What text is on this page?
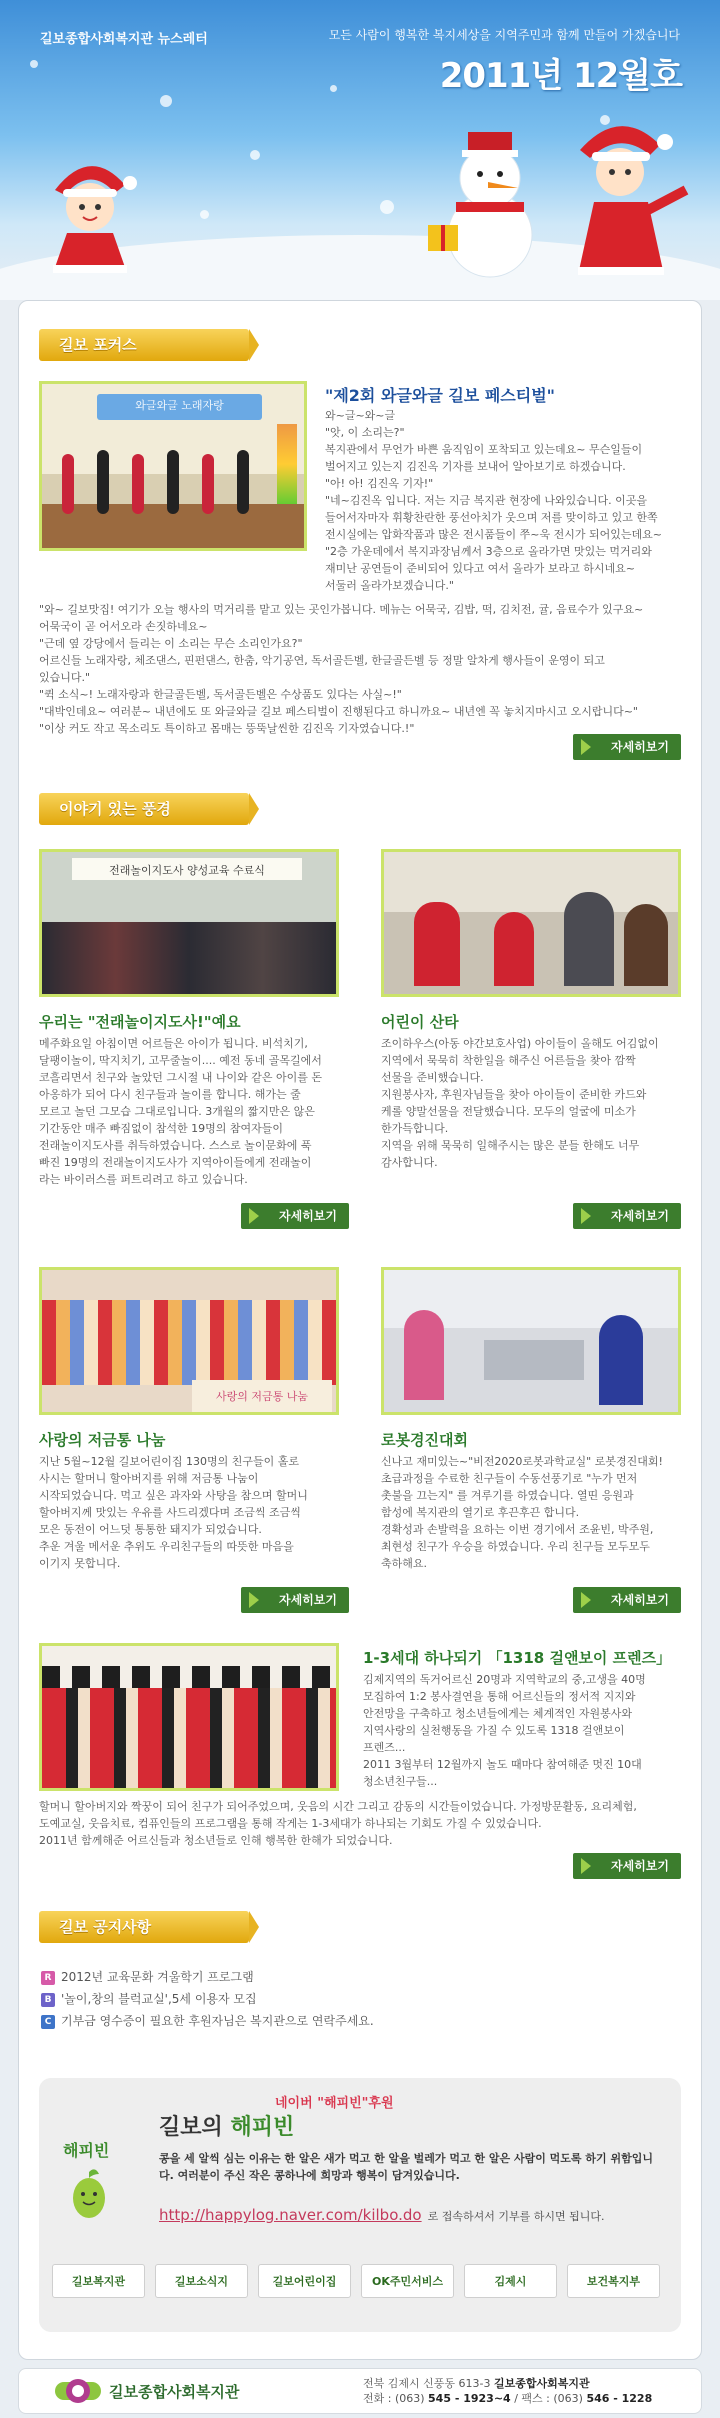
길보종합사회복지관 뉴스레터	모든 사람이 행복한 복지세상을 지역주민과 함께 만들어 가겠습니다
2011년 12월호
길보 포커스
와글와글 노래자랑
"제2회 와글와글 길보 페스티벌"
와~글~와~글
"앗, 이 소리는?"
복지관에서 무언가 바쁜 움직임이 포착되고 있는데요~ 무슨일들이
벌어지고 있는지 김진옥 기자를 보내어 알아보기로 하겠습니다.
"아! 아! 김진옥 기자!"
"네~김진옥 입니다. 저는 지금 복지관 현장에 나와있습니다. 이곳을
들어서자마자 휘황찬란한 풍선아치가 웃으며 저를 맞이하고 있고 한쪽
전시실에는 압화작품과 많은 전시품들이 쭈~욱 전시가 되어있는데요~
"2층 가운데에서 복지과장님께서 3층으로 올라가면 맛있는 먹거리와
재미난 공연들이 준비되어 있다고 여서 올라가 보라고 하시네요~
서둘러 올라가보겠습니다."
"와~ 길보맛집! 여기가 오늘 행사의 먹거리를 맡고 있는 곳인가봅니다. 메뉴는 어묵국, 김밥, 떡, 김치전, 귤, 음료수가 있구요~
어묵국이 곧 어서오라 손짓하네요~
"근데 옆 강당에서 들리는 이 소리는 무슨 소리인가요?"
어르신들 노래자랑, 체조댄스, 핀펀댄스, 한춤, 악기공연, 독서골든벨, 한글골든벨 등 정말 알차게 행사들이 운영이 되고
있습니다."
"퀵 소식~! 노래자랑과 한글골든벨, 독서골든벨은 수상품도 있다는 사실~!"
"대박인데요~ 여러분~ 내년에도 또 와글와글 길보 페스티벌이 진행된다고 하니까요~ 내년엔 꼭 놓치지마시고 오시랍니다~"
"이상 커도 작고 목소리도 특이하고 몸매는 뜽뚝날씬한 김진옥 기자였습니다.!"
자세히보기
이야기 있는 풍경
전래놀이지도사 양성교육 수료식
우리는 "전래놀이지도사!"예요
메주화요일 아침이면 어르들은 아이가 됩니다. 비석치기,
달팽이놀이, 딱지치기, 고무줄놀이.... 예전 동네 골목길에서
코흘리면서 친구와 놀았던 그시절 내 나이와 같은 아이를 돈
아옹하가 되어 다시 친구들과 놀이를 합니다. 해가는 줄
모르고 놀던 그모습 그대로입니다. 3개월의 짧지만은 않은
기간동안 매주 빠짐없이 참석한 19명의 참여자들이
전래놀이지도사를 취득하였습니다. 스스로 놀이문화에 푹
빠진 19명의 전래놀이지도사가 지역아이들에게 전래놀이
라는 바이러스를 퍼트리려고 하고 있습니다.
자세히보기
어린이 산타
조이하우스(아동 야간보호사업) 아이들이 올해도 어김없이
지역에서 묵묵히 착한일을 해주신 어른들을 찾아 깜짝
선물을 준비했습니다.
지원봉사자, 후원자님들을 찾아 아이들이 준비한 카드와
케롤 양말선물을 전달했습니다. 모두의 얼굴에 미소가
한가득합니다.
지역을 위해 묵묵히 일해주시는 많은 분들 한해도 너무
감사합니다.
자세히보기
사랑의 저금통 나눔
사랑의 저금통 나눔
지난 5월~12월 길보어린이집 130명의 친구들이 홀로
사시는 할머니 할아버지를 위해 저금통 나눔이
시작되었습니다. 먹고 싶은 과자와 사탕을 참으며 할머니
할아버지께 맛있는 우유를 사드리겠다며 조금씩 조금씩
모은 동전이 어느덧 통통한 돼지가 되었습니다.
추운 겨울 메서운 추위도 우리친구들의 따뜻한 마음을
이기지 못합니다.
자세히보기
로봇경진대회
신나고 재미있는~"비전2020로봇과학교실" 로봇경진대회!
초급과정을 수료한 친구들이 수동선풍기로 "누가 먼저
촛불을 끄는지" 를 겨루기를 하였습니다. 열띤 응원과
함성에 복지관의 열기로 후끈후끈 합니다.
경확성과 손발력을 요하는 이번 경기에서 조윤빈, 박주원,
최현성 친구가 우승을 하였습니다. 우리 친구들 모두모두
축하해요.
자세히보기
1-3세대 하나되기 「1318 걸앤보이 프렌즈」
김제지역의 독거어르신 20명과 지역학교의 중,고생을 40명
모집하여 1:2 봉사결연을 통해 어르신들의 정서적 지지와
안전망을 구축하고 청소년들에게는 체계적인 자원봉사와
지역사랑의 실천행동을 가질 수 있도록 1318 걸앤보이
프렌즈...
2011 3월부터 12월까지 놀도 때마다 참여해준 멋진 10대
청소년친구들...
할머니 할아버지와 짝꿍이 되어 친구가 되어주었으며, 웃음의 시간 그리고 감동의 시간들이었습니다. 가정방문활동, 요리체험,
도예교실, 웃음치료, 컴퓨인들의 프로그램을 통해 작게는 1-3세대가 하나되는 기회도 가질 수 있었습니다.
2011년 함께해준 어르신들과 청소년들로 인해 행복한 한해가 되었습니다.
자세히보기
길보 공지사항
R 2012년 교육문화 겨울학기 프로그램
B '놀이,창의 블럭교실',5세 이용자 모집
C 기부금 영수증이 필요한 후원자님은 복지관으로 연락주세요.
해피빈
네이버 "해피빈"후원
길보의 해피빈
콩을 세 알씩 심는 이유는 한 알은 새가 먹고 한 알을 벌레가 먹고 한 알은 사람이 먹도록 하기 위함입니다. 여러분이 주신 작은 콩하나에 희망과 행복이 담겨있습니다.
http://happylog.naver.com/kilbo.do 로 접속하셔서 기부를 하시면 됩니다.
길보복지관	길보소식지	길보어린이집	OK주민서비스	김제시	보건복지부
길보종합사회복지관	전북 김제시 신풍동 613-3 길보종합사회복지관
전화 : (063) 545 - 1923~4 / 팩스 : (063) 546 - 1228
